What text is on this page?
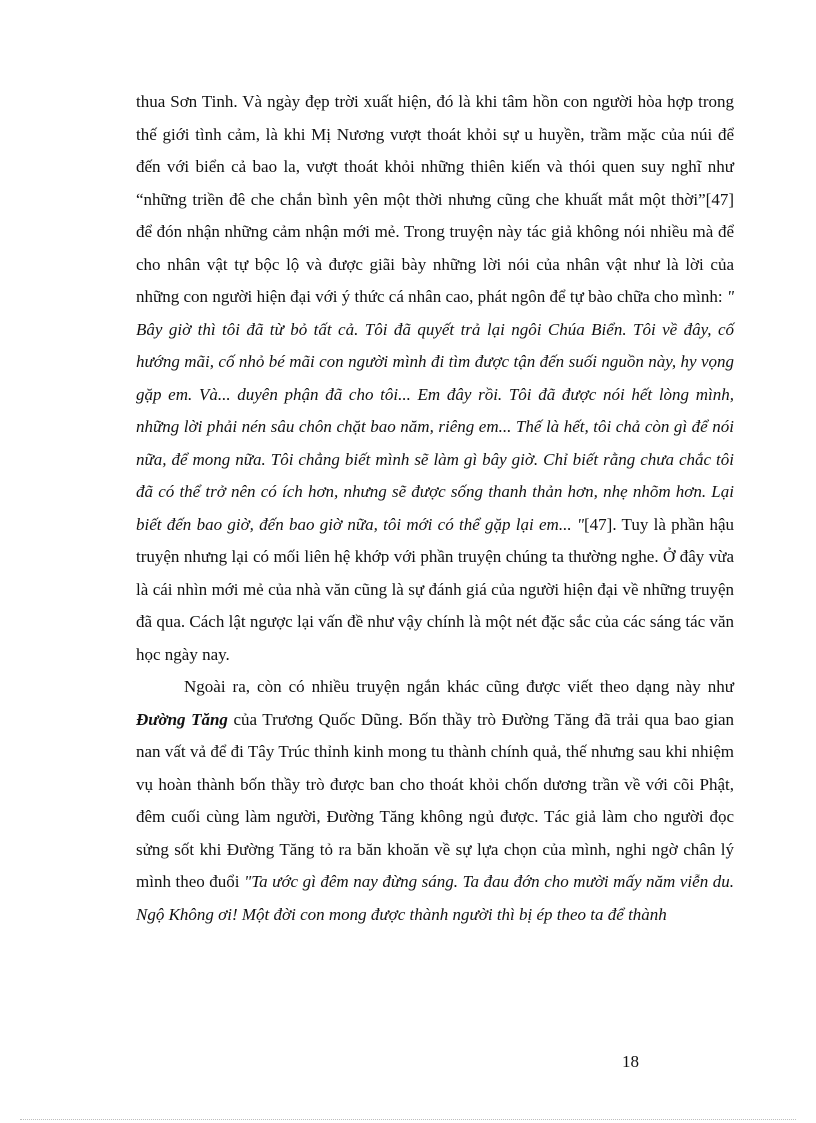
thua Sơn Tinh. Và ngày đẹp trời xuất hiện, đó là khi tâm hồn con người hòa hợp trong thế giới tình cảm, là khi Mị Nương vượt thoát khỏi sự u huyền, trầm mặc của núi để đến với biển cả bao la, vượt thoát khỏi những thiên kiến và thói quen suy nghĩ như “những triền đê che chắn bình yên một thời nhưng cũng che khuất mắt một thời”[47] để đón nhận những cảm nhận mới mẻ. Trong truyện này tác giả không nói nhiều mà để cho nhân vật tự bộc lộ và được giãi bày những lời nói của nhân vật như là lời của những con người hiện đại với ý thức cá nhân cao, phát ngôn để tự bào chữa cho mình: " Bây giờ thì tôi đã từ bỏ tất cả. Tôi đã quyết trả lại ngôi Chúa Biển. Tôi về đây, cố hướng mãi, cố nhỏ bé mãi con người mình đi tìm được tận đến suối nguồn này, hy vọng gặp em. Và... duyên phận đã cho tôi... Em đây rồi. Tôi đã được nói hết lòng mình, những lời phải nén sâu chôn chặt bao năm, riêng em... Thế là hết, tôi chả còn gì để nói nữa, để mong nữa. Tôi chẳng biết mình sẽ làm gì bây giờ. Chỉ biết rằng chưa chắc tôi đã có thể trở nên có ích hơn, nhưng sẽ được sống thanh thản hơn, nhẹ nhõm hơn. Lại biết đến bao giờ, đến bao giờ nữa, tôi mới có thể gặp lại em... "[47]. Tuy là phần hậu truyện nhưng lại có mối liên hệ khớp với phần truyện chúng ta thường nghe. Ở đây vừa là cái nhìn mới mẻ của nhà văn cũng là sự đánh giá của người hiện đại về những truyện đã qua. Cách lật ngược lại vấn đề như vậy chính là một nét đặc sắc của các sáng tác văn học ngày nay.

Ngoài ra, còn có nhiều truyện ngắn khác cũng được viết theo dạng này như Đường Tăng của Trương Quốc Dũng. Bốn thầy trò Đường Tăng đã trải qua bao gian nan vất vả để đi Tây Trúc thỉnh kinh mong tu thành chính quả, thế nhưng sau khi nhiệm vụ hoàn thành bốn thầy trò được ban cho thoát khỏi chốn dương trần về với cõi Phật, đêm cuối cùng làm người, Đường Tăng không ngủ được. Tác giả làm cho người đọc sửng sốt khi Đường Tăng tỏ ra băn khoăn về sự lựa chọn của mình, nghi ngờ chân lý mình theo đuổi "Ta ước gì đêm nay đừng sáng. Ta đau đớn cho mười mấy năm viễn du. Ngộ Không ơi! Một đời con mong được thành người thì bị ép theo ta để thành

18
